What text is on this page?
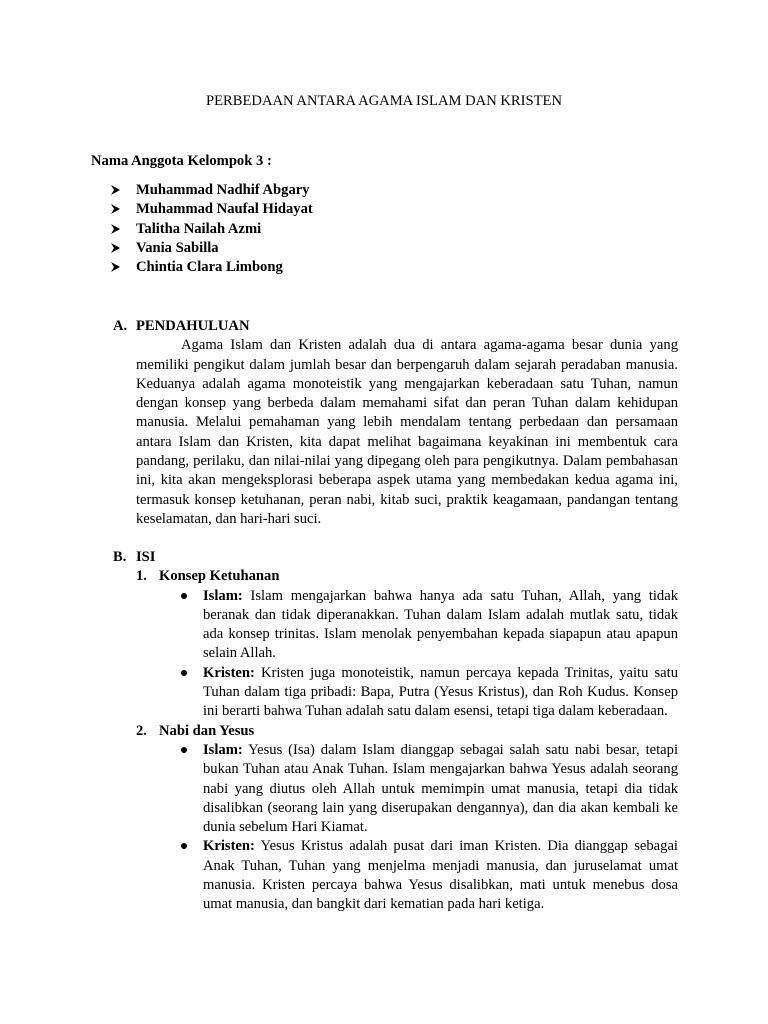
PERBEDAAN ANTARA AGAMA ISLAM DAN KRISTEN
Nama Anggota Kelompok 3 :
Muhammad Nadhif Abgary
Muhammad Naufal Hidayat
Talitha Nailah Azmi
Vania Sabilla
Chintia Clara Limbong
A. PENDAHULUAN

Agama Islam dan Kristen adalah dua di antara agama-agama besar dunia yang memiliki pengikut dalam jumlah besar dan berpengaruh dalam sejarah peradaban manusia. Keduanya adalah agama monoteistik yang mengajarkan keberadaan satu Tuhan, namun dengan konsep yang berbeda dalam memahami sifat dan peran Tuhan dalam kehidupan manusia. Melalui pemahaman yang lebih mendalam tentang perbedaan dan persamaan antara Islam dan Kristen, kita dapat melihat bagaimana keyakinan ini membentuk cara pandang, perilaku, dan nilai-nilai yang dipegang oleh para pengikutnya. Dalam pembahasan ini, kita akan mengeksplorasi beberapa aspek utama yang membedakan kedua agama ini, termasuk konsep ketuhanan, peran nabi, kitab suci, praktik keagamaan, pandangan tentang keselamatan, dan hari-hari suci.

B. ISI
1. Konsep Ketuhanan
Islam: Islam mengajarkan bahwa hanya ada satu Tuhan, Allah, yang tidak beranak dan tidak diperanakkan. Tuhan dalam Islam adalah mutlak satu, tidak ada konsep trinitas. Islam menolak penyembahan kepada siapapun atau apapun selain Allah.
Kristen: Kristen juga monoteistik, namun percaya kepada Trinitas, yaitu satu Tuhan dalam tiga pribadi: Bapa, Putra (Yesus Kristus), dan Roh Kudus. Konsep ini berarti bahwa Tuhan adalah satu dalam esensi, tetapi tiga dalam keberadaan.
2. Nabi dan Yesus
Islam: Yesus (Isa) dalam Islam dianggap sebagai salah satu nabi besar, tetapi bukan Tuhan atau Anak Tuhan. Islam mengajarkan bahwa Yesus adalah seorang nabi yang diutus oleh Allah untuk memimpin umat manusia, tetapi dia tidak disalibkan (seorang lain yang diserupakan dengannya), dan dia akan kembali ke dunia sebelum Hari Kiamat.
Kristen: Yesus Kristus adalah pusat dari iman Kristen. Dia dianggap sebagai Anak Tuhan, Tuhan yang menjelma menjadi manusia, dan juruselamat umat manusia. Kristen percaya bahwa Yesus disalibkan, mati untuk menebus dosa umat manusia, dan bangkit dari kematian pada hari ketiga.
